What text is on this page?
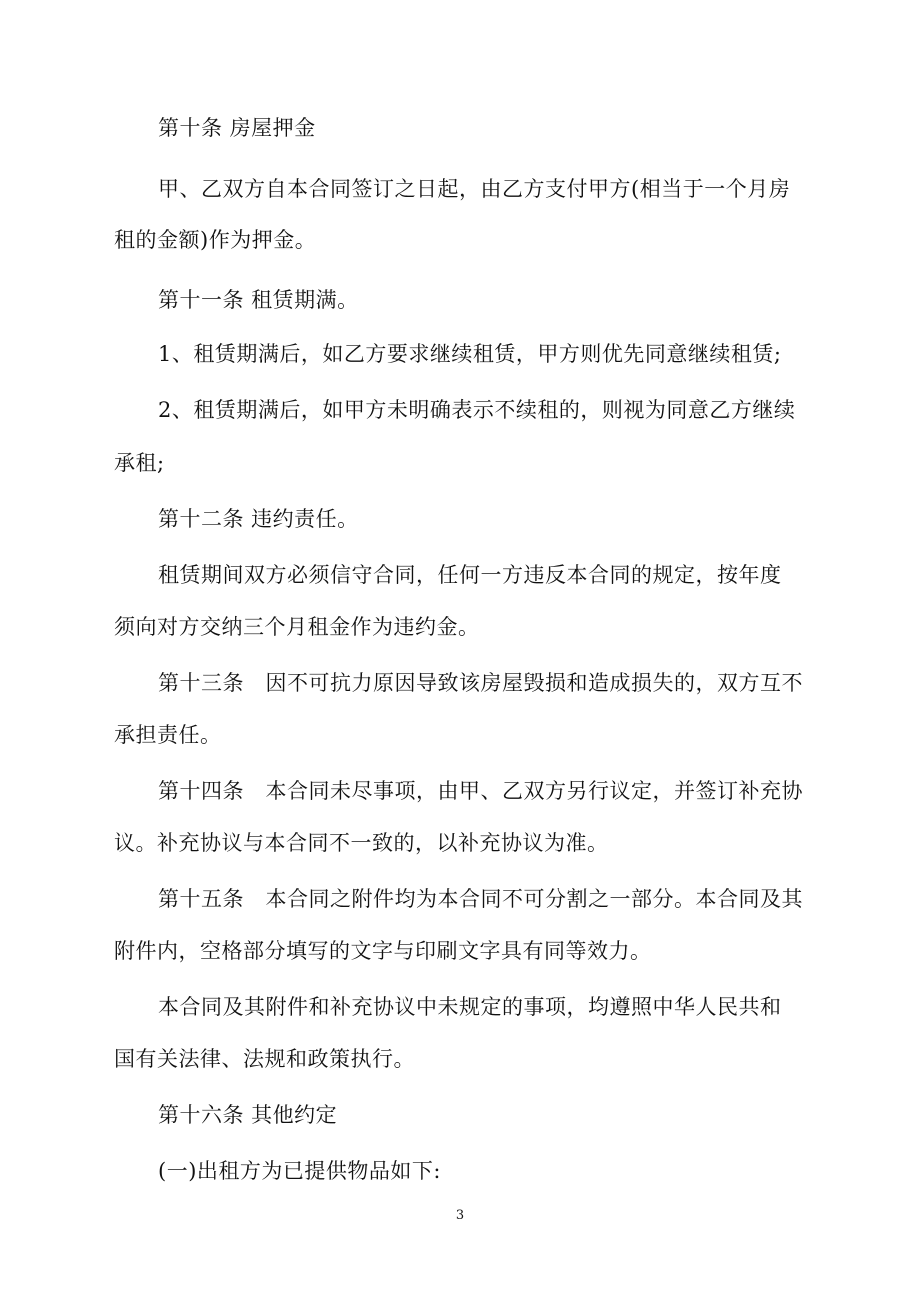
第十条 房屋押金
甲、乙双方自本合同签订之日起，由乙方支付甲方(相当于一个月房
租的金额)作为押金。
第十一条 租赁期满。
1、租赁期满后，如乙方要求继续租赁，甲方则优先同意继续租赁;
2、租赁期满后，如甲方未明确表示不续租的，则视为同意乙方继续
承租;
第十二条 违约责任。
租赁期间双方必须信守合同，任何一方违反本合同的规定，按年度
须向对方交纳三个月租金作为违约金。
第十三条　因不可抗力原因导致该房屋毁损和造成损失的，双方互不
承担责任。
第十四条　本合同未尽事项，由甲、乙双方另行议定，并签订补充协
议。补充协议与本合同不一致的，以补充协议为准。
第十五条　本合同之附件均为本合同不可分割之一部分。本合同及其
附件内，空格部分填写的文字与印刷文字具有同等效力。
本合同及其附件和补充协议中未规定的事项，均遵照中华人民共和
国有关法律、法规和政策执行。
第十六条 其他约定
(一)出租方为已提供物品如下:
3
